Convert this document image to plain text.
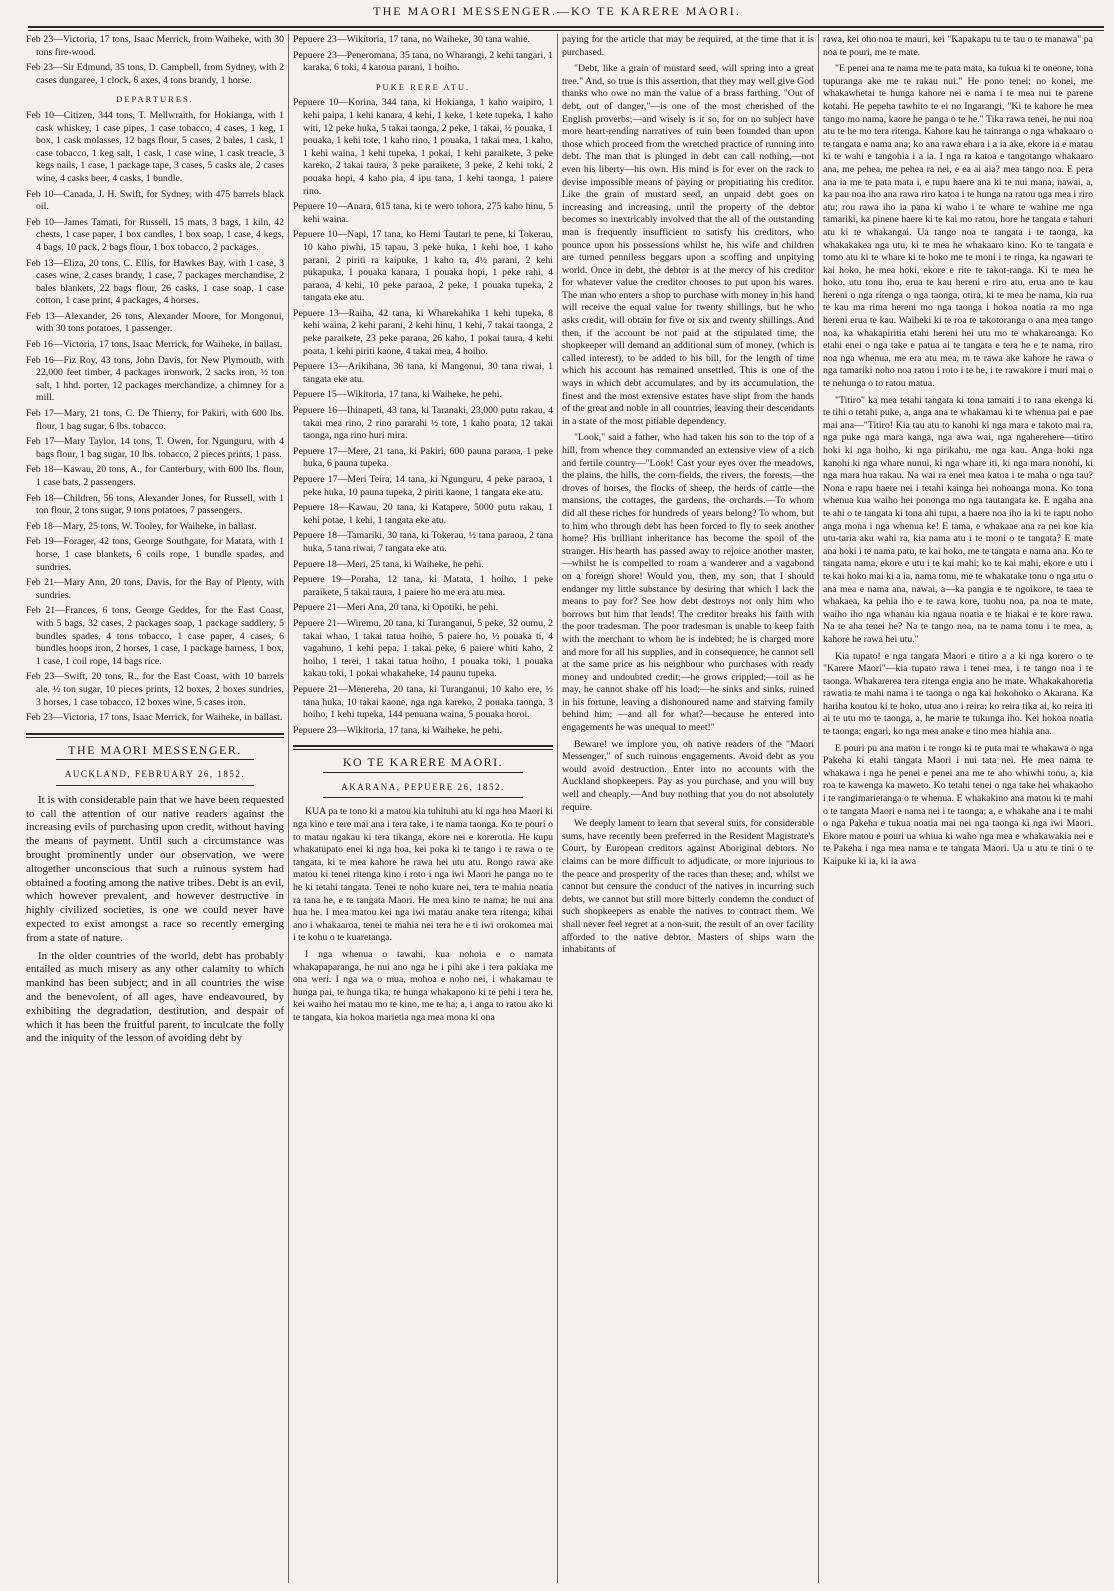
THE MAORI MESSENGER.—KO TE KARERE MAORI.

Feb 23—Victoria, 17 tons, Isaac Merrick, from Waiheke, with 30 tons fire-wood.

Feb 23—Sir Edmund, 35 tons, D. Campbell, from Sydney, with 2 cases dungaree, 1 clock, 6 axes, 4 tons brandy, 1 horse.

DEPARTURES.

Feb 10—Citizen, 344 tons, T. Mellwraith, for Hokianga, with 1 cask whiskey, 1 case pipes, 1 case tobacco, 4 cases, 1 keg, 1 box, 1 cask molasses, 12 bags flour, 5 cases, 2 bales, 1 cask, 1 case tobacco, 1 keg salt, 1 cask, 1 case wine, 1 cask treacle, 3 kegs nails, 1 case, 1 package tape, 3 cases, 5 casks ale, 2 cases wine, 4 casks beer, 4 casks, 1 bundle.

Feb 10—Canada, J. H. Swift, for Sydney, with 475 barrels black oil.

Feb 10—James Tamati, for Russell, 15 mats, 3 bags, 1 kiln, 42 chests, 1 case paper, 1 box candles, 1 box soap, 1 case, 4 kegs, 4 bags, 10 pack, 2 bags flour, 1 box tobacco, 2 packages.

Feb 13—Eliza, 20 tons, C. Ellis, for Hawkes Bay, with 1 case, 3 cases wine, 2 cases brandy, 1 case, 7 packages merchandise, 2 bales blankets, 22 bags flour, 26 casks, 1 case soap, 1 case cotton, 1 case print, 4 packages, 4 horses.

Feb 13—Alexander, 26 tons, Alexander Moore, for Mongonui, with 30 tons potatoes, 1 passenger.

Feb 16—Victoria, 17 tons, Isaac Merrick, for Waiheke, in ballast.

Feb 16—Fiz Roy, 43 tons, John Davis, for New Plymouth, with 22,000 feet timber, 4 packages ironwork, 2 sacks iron, ½ ton salt, 1 hhd. porter, 12 packages merchandize, a chimney for a mill.

Feb 17—Mary, 21 tons, C. De Thierry, for Pakiri, with 600 lbs. flour, 1 bag sugar, 6 lbs. tobacco.

Feb 17—Mary Taylor, 14 tons, T. Owen, for Ngunguru, with 4 bags flour, 1 bag sugar, 10 lbs. tobacco, 2 pieces prints, 1 pass.

Feb 18—Kawau, 20 tons, A., for Canterbury, with 600 lbs. flour, 1 case bats, 2 passengers.

Feb 18—Children, 56 tons, Alexander Jones, for Russell, with 1 ton flour, 2 tons sugar, 9 tons potatoes, 7 passengers.

Feb 18—Mary, 25 tons, W. Tooley, for Waiheke, in ballast.

Feb 19—Forager, 42 tons, George Southgate, for Matata, with 1 horse, 1 case blankets, 6 coils rope, 1 bundle spades, and sundries.

Feb 21—Mary Ann, 20 tons, Davis, for the Bay of Plenty, with sundries.

Feb 21—Frances, 6 tons, George Geddes, for the East Coast, with 5 bags, 32 cases, 2 packages soap, 1 package saddlery, 5 bundles spades, 4 tons tobacco, 1 case paper, 4 cases, 6 bundles hoops iron, 2 horses, 1 case, 1 package harness, 1 box, 1 case, 1 coil rope, 14 bags rice.

Feb 23—Swift, 20 tons, R., for the East Coast, with 10 barrels ale, ½ ton sugar, 10 pieces prints, 12 boxes, 2 boxes sundries, 3 horses, 1 case tobacco, 12 boxes wine, 5 cases iron.

Feb 23—Victoria, 17 tons, Isaac Merrick, for Waiheke, in ballast.

THE MAORI MESSENGER.
AUCKLAND, FEBRUARY 26, 1852.

It is with considerable pain that we have been requested to call the attention of our native readers against the increasing evils of purchasing upon credit, without having the means of payment. Until such a circumstance was brought prominently under our observation, we were altogether unconscious that such a ruinous system had obtained a footing among the native tribes. Debt is an evil, which however prevalent, and however destructive in highly civilized societies, is one we could never have expected to exist amongst a race so recently emerging from a state of nature.

In the older countries of the world, debt has probably entailed as much misery as any other calamity to which mankind has been subject; and in all countries the wise and the benevolent, of all ages, have endeavoured, by exhibiting the degradation, destitution, and despair of which it has been the fruitful parent, to inculcate the folly and the iniquity of the lesson of avoiding debt by

Pepuere 23—Wikitoria, 17 tana, no Waiheke, 30 tana wahie.

Pepuere 23—Peneromana, 35 tana, no Wharangi, 2 kehi tangari, 1 karaka, 6 toki, 4 karoua parani, 1 hoiho.

PUKE RERE ATU.

Pepuere 10—Korina, 344 tana, ki Hokianga, 1 kaho waipiro, 1 kehi paipa, 1 kehi kanara, 4 kehi, 1 keke, 1 kete tupeka, 1 kaho witi, 12 peke huka, 5 takai taonga, 2 peke, 1 takai, ½ pouaka, 1 pouaka, 1 kehi tote, 1 kaho rino, 1 pouaka, 1 takai mea, 1 kaho, 1 kehi waina, 1 kehi tupeka, 1 pokai, 1 kehi paraikete, 3 peke kareko, 2 takai taura, 3 peke paraikete, 3 peke, 2 kehi toki, 2 pouaka hopi, 4 kaho pia, 4 ipu tana, 1 kehi taonga, 1 paiere rino.

Pepuere 10—Anara, 615 tana, ki te wero tohora, 275 kaho hinu, 5 kehi waina.

Pepuere 10—Napi, 17 tana, ko Hemi Tautari te pene, ki Tokerau, 10 kaho piwhi, 15 tapau, 3 peke huka, 1 kehi hoe, 1 kaho parani, 2 piriti ra kaipuke, 1 kaho ta, 4½ parani, 2 kehi pukapuka, 1 pouaka kanara, 1 pouaka hopi, 1 peke rahi, 4 paraoa, 4 kehi, 10 peke paraoa, 2 peke, 1 pouaka tupeka, 2 tangata eke atu.

Pepuere 13—Raiha, 42 tana, ki Wharekahika 1 kehi tupeka, 8 kehi waina, 2 kehi parani, 2 kehi hinu, 1 kehi, 7 takai taonga, 2 peke paraikete, 23 peke paraoa, 26 kaho, 1 pokai taura, 4 kehi poata, 1 kehi piriti kaone, 4 takai mea, 4 hoiho.

Pepuere 13—Arikihana, 36 tana, ki Mangonui, 30 tana riwai, 1 tangata eke atu.

Pepuere 15—Wikitoria, 17 tana, ki Waiheke, he pehi.

Pepuere 16—Ihinapeti, 43 tana, ki Taranaki, 23,000 putu rakau, 4 takai mea rino, 2 rino pararahi ½ tote, 1 kaho poata, 12 takai taonga, nga rino huri mira.

Pepuere 17—Mere, 21 tana, ki Pakiri, 600 pauna paraoa, 1 peke huka, 6 pauna tupeka.

Pepuere 17—Meri Teira, 14 tana, ki Ngunguru, 4 peke paraoa, 1 peke huka, 10 pauna tupeka, 2 piriti kaone, 1 tangata eke atu.

Pepuere 18—Kawau, 20 tana, ki Katapere, 5000 putu rakau, 1 kehi potae, 1 kehi, 1 tangata eke atu.

Pepuere 18—Tamariki, 30 tana, ki Tokerau, ½ tana paraoa, 2 tana huka, 5 tana riwai, 7 tangata eke atu.

Pepuere 18—Meri, 25 tana, ki Waiheke, he pehi.

Pepuere 19—Poraha, 12 tana, ki Matata, 1 hoiho, 1 peke paraikete, 5 takai taura, 1 paiere ho me era atu mea.

Pepuere 21—Meri Ana, 20 tana, ki Opotiki, he pehi.

Pepuere 21—Wiremu, 20 tana, ki Turanganui, 5 peke, 32 oumu, 2 takai whao, 1 takai tatua hoiho, 5 paiere ho, ½ pouaka ti, 4 vagahuno, 1 kehi pepa, 1 takai peke, 6 paiere whiti kaho, 2 hoiho, 1 terei, 1 takai tatua hoiho, 1 pouaka toki, 1 pouaka kakau toki, 1 pokai whakaheke, 14 paunu tupeka.

Pepuere 21—Menereha, 20 tana, ki Turanganui, 10 kaho ere, ½ tana huka, 10 takai kaone, nga nga kareko, 2 pouaka taonga, 3 hoiho, 1 kehi tupeka, 144 penuana waina, 5 pouaka horoi.

Pepuere 23—Wikitoria, 17 tana, ki Waiheke, he pehi.

KO TE KARERE MAORI.
AKARANA, PEPUERE 26, 1852.

KUA pa te tono ki a matou kia tuhituhi atu ki nga hoa Maori ki nga kino e tere mai ana i tera take, i te nama taonga. Ko te pouri o to matau ngakau ki tera tikanga, ekore nei e korerotia. He kupu whakatupato enei ki nga hoa, kei poka ki te tango i te rawa o te tangata, ki te mea kahore he rawa hei utu atu. Rongo rawa ake matou ki tenei ritenga kino i roto i nga iwi Maori he panga no te he ki tetahi tangata. Tenei te noho kuare nei, tera te mahia noatia ra tana he, e te tangata Maori. He mea kino te nama; he nui ana hua he. I mea matou kei nga iwi matau anake tera ritenga; kihai ano i whakaaroa, tenei te mahia nei tera he e ti iwi orokomea mai i te kohu o te kuaretanga.

I nga whenua o tawahi, kua nohoia e o namata whakapaparanga, he nui ano nga he i pihi ake i tera pakiaka me ona weri. I nga wa o mua, mohoa e noho nei, i whakamau te hunga pai, te hunga tika, te hunga whakapono ki te pehi i tera he, kei waiho hei matau mo te kino, me te ha; a, i anga to ratou ako ki te tangata, kia hokoa marietia nga mea mona ki ona

paying for the article that may be required, at the time that it is purchased.

"Debt, like a grain of mustard seed, will spring into a great tree." And, so true is this assertion, that they may well give God thanks who owe no man the value of a brass farthing. "Out of debt, out of danger,"—is one of the most cherished of the English proverbs;—and wisely is it so, for on no subject have more heart-rending narratives of ruin been founded than upon those which proceed from the wretched practice of running into debt. The man that is plunged in debt can call nothing,—not even his liberty—his own. His mind is for ever on the rack to devise impossible means of paying or propitiating his creditor. Like the grain of mustard seed, an unpaid debt goes on increasing and increasing, until the property of the debtor becomes so inextricably involved that the all of the outstanding man is frequently insufficient to satisfy his creditors, who pounce upon his possessions whilst he, his wife and children are turned penniless beggars upon a scoffing and unpitying world. Once in debt, the debtor is at the mercy of his creditor for whatever value the creditor chooses to put upon his wares. The man who enters a shop to purchase with money in his hand will receive the equal value for twenty shillings, but he who asks credit, will obtain for five or six and twenty shillings. And then, if the account be not paid at the stipulated time, the shopkeeper will demand an additional sum of money, (which is called interest), to be added to his bill, for the length of time which his account has remained unsettled. This is one of the ways in which debt accumulates, and by its accumulation, the finest and the most extensive estates have slipt from the hands of the great and noble in all countries, leaving their descendants in a state of the most pitiable dependency.

"Look," said a father, who had taken his son to the top of a hill, from whence they commanded an extensive view of a rich and fertile country—"Look! Cast your eyes over the meadows, the plains, the hills, the corn-fields, the rivers, the forests,—the droves of horses, the flocks of sheep, the herds of cattle—the mansions, the cottages, the gardens, the orchards.—To whom did all these riches for hundreds of years belong? To whom, but to him who through debt has been forced to fly to seek another home? His brilliant inheritance has become the spoil of the stranger. His hearth has passed away to rejoice another master,—whilst he is compelled to roam a wanderer and a vagabond on a foreign shore! Would you, then, my son, that I should endanger my little substance by desiring that which I lack the means to pay for? See how debt destroys not only him who borrows but him that lends! The creditor breaks his faith with the poor tradesman. The poor tradesman is unable to keep faith with the merchant to whom he is indebted; he is charged more and more for all his supplies, and in consequence, he cannot sell at the same price as his neighbour who purchases with ready money and undoubted credit;—he grows crippled;—toil as he may, he cannot shake off his load;—he sinks and sinks, ruined in his fortune, leaving a dishonoured name and starving family behind him; —and all for what?—because he entered into engagements he was unequal to meet!"

Beware! we implore you, oh native readers of the "Maori Messenger," of such ruinous engagements. Avoid debt as you would avoid destruction. Enter into no accounts with the Auckland shopkeepers. Pay as you purchase, and you will buy well and cheaply.—And buy nothing that you do not absolutely require.

We deeply lament to learn that several suits, for considerable sums, have recently been preferred in the Resident Magistrate's Court, by European creditors against Aboriginal debtors. No claims can be more difficult to adjudicate, or more injurious to the peace and prosperity of the races than these; and, whilst we cannot but censure the conduct of the natives in incurring such debts, we cannot but still more bitterly condemn the conduct of such shopkeepers as enable the natives to contract them. We shall never feel regret at a non-suit, the result of an over facility afforded to the native debtor. Masters of ships warn the inhabitants of

rawa, kei oho noa te mauri, kei "Kapakapu tu te tau o te manawa" pa noa te pouri, me te mate.

"E penei ana te nama me te pata mata, ka tukua ki te oneone, tona tupuranga ake me te rakau nui." He pono tenei; no konei, me whakawhetai te hunga kahore nei e nama i te mea nui te parene kotahi. He pepeha tawhito te ei no Ingarangi, "Ki te kahore he mea tango mo nama, kaore he panga o te he." Tika rawa tenei, he nui noa atu te he mo tera ritenga. Kahore kau he tainranga o nga whakaaro o te tangata e nama ana; ko ana rawa ehara i a ia ake, ekore ia e matau ki te wahi e tangohia i a ia. I nga ra katoa e tangotango whakaaro ana, me pehea, me pehea ra nei, e ea ai aia? mea tango noa. E pera ana ia me te pata mata i, e tupu haere ana ki te nui mana, nawai, a, ka pau noa iho ana rawa riro katoa i te hunga na ratou nga mea i riro atu; rou rawa iho ia pana ki waho i te whare te wahine me nga tamariki, ka pinene haere ki te kai mo ratou, hore he tangata e tahuri atu ki te whakangai. Ua tango noa te tangata i te taonga, ka whakakakea nga utu, ki te mea he whakaaro kino. Ko te tangata e tomo atu ki te whare ki te hoko me te moni i te ringa, ka ngawari te kai hoko, he mea hoki, ekore e rite te takot-ranga. Ki te mea he hoko, utu tonu iho, erua te kau hereni e riro atu, erua ano te kau hereni o nga ritenga o nga taonga, otira, ki te mea he nama, kia rua te kau ma rima hereni mo nga taonga i hokoa noatia ra mo nga hereni erua te kau. Waiheki ki te roa te takotoranga o ana mea tango noa, ka whakapiritia etahi hereni hei utu mo te whakaroanga. Ko etahi enei o nga take e patua ai te tangata e tera he e te nama, riro noa nga whenua, me era atu mea, m te rawa ake kahore he rawa o nga tamariki noho noa ratou i roto i te he, i te rawakore i muri mai o te nehunga o to ratou matua.

"Titiro" ka mea tetahi tangata ki tona tamaiti i to rana ekenga ki te tihi o tetahi puke, a, anga ana te whakamau ki te whenua pai e pae mai ana—"Titiro! Kia tau atu to kanohi ki nga mara e takoto mai ra, nga puke nga mara kanga, nga awa wai, nga ngaherehere—titiro hoki ki nga hoiho, ki nga pirikahu, me nga kau. Anga hoki nga kanohi ki nga whare nunui, ki nga whare iti, ki nga mara nonohi, ki nga mara hua rakau. Na wai ra enei mea katoa i te maha o nga tau? Nona e rapu haere nei i tetahi kainga hei nohoanga mona. Ko tona whenua kua waiho hei pononga mo nga tautangata ke. E ngaha ana te ahi o te tangata ki tona ahi tupu, a haere noa iho ia ki te rapu noho anga mona i nga whenua ke! E tama, e whakaae ana ra nei koe kia utu-taria aku wahi ra, kia nama atu i te moni o te tangata? E mate ana hoki i te nama patu, te kai hoko, me te tangata e nama ana. Ko te tangata nama, ekore e utu i te kai mahi; ko te kai mahi, ekore e utu i te kai hoko mai ki a ia, nama tonu, me te whakatake tonu o nga utu o ana mea e nama ana, nawai, a—ka pangia e te ngoikore, te taea te whakaea, ka pehia iho e te rawa kore, tuohu noa, pa noa te mate, waiho iho nga whanau kia ngaua noatia e te hiakai e te kore rawa. Na te aha tenei he? Na te tango noa, na te nama tonu i te mea, a, kahore he rawa hei utu."

Kia tupato! e nga tangata Maori e titiro a a ki nga korero o te "Karere Maori"—kia tupato rawa i tenei mea, i te tango noa i te taonga. Whakarerea tera ritenga engia ano he mate. Whakakahoretia rawatia te mahi nama i te taonga o nga kai hokohoko o Akarana. Ka hariha koutou ki te hoko, utua ano i reira; ko reira tika ai, ko reira iti ai te utu mo te taonga, a, he marie te tukunga iho. Kei hokoa noatia te taonga; engari, ko nga mea anake e tino mea hiahia ana.

E pouri pu ana matou i te rongo ki te puta mai te whakawa o nga Pakeha ki etahi tangata Maori i nui tata nei. He mea nama te whakawa i nga he penei e penei ana me te aho whiwhi tonu, a, kia roa te kawenga ka maweto. Ko tetahi tenei o nga take hei whakaoho i te rangimarietanga o te whenua. E whakakino ana matou ki te mahi o te tangata Maori e nama nei i te taonga; a, e whakahe ana i te mahi o nga Pakeha e tukua noatia mai nei nga taonga ki nga iwi Maori. Ekore matou e pouri ua whiua ki waho nga mea e whakawakia nei e te Pakeha i nga mea nama e te tangata Maori. Ua u atu te tini o te Kaipuke ki ia, ki ia awa
